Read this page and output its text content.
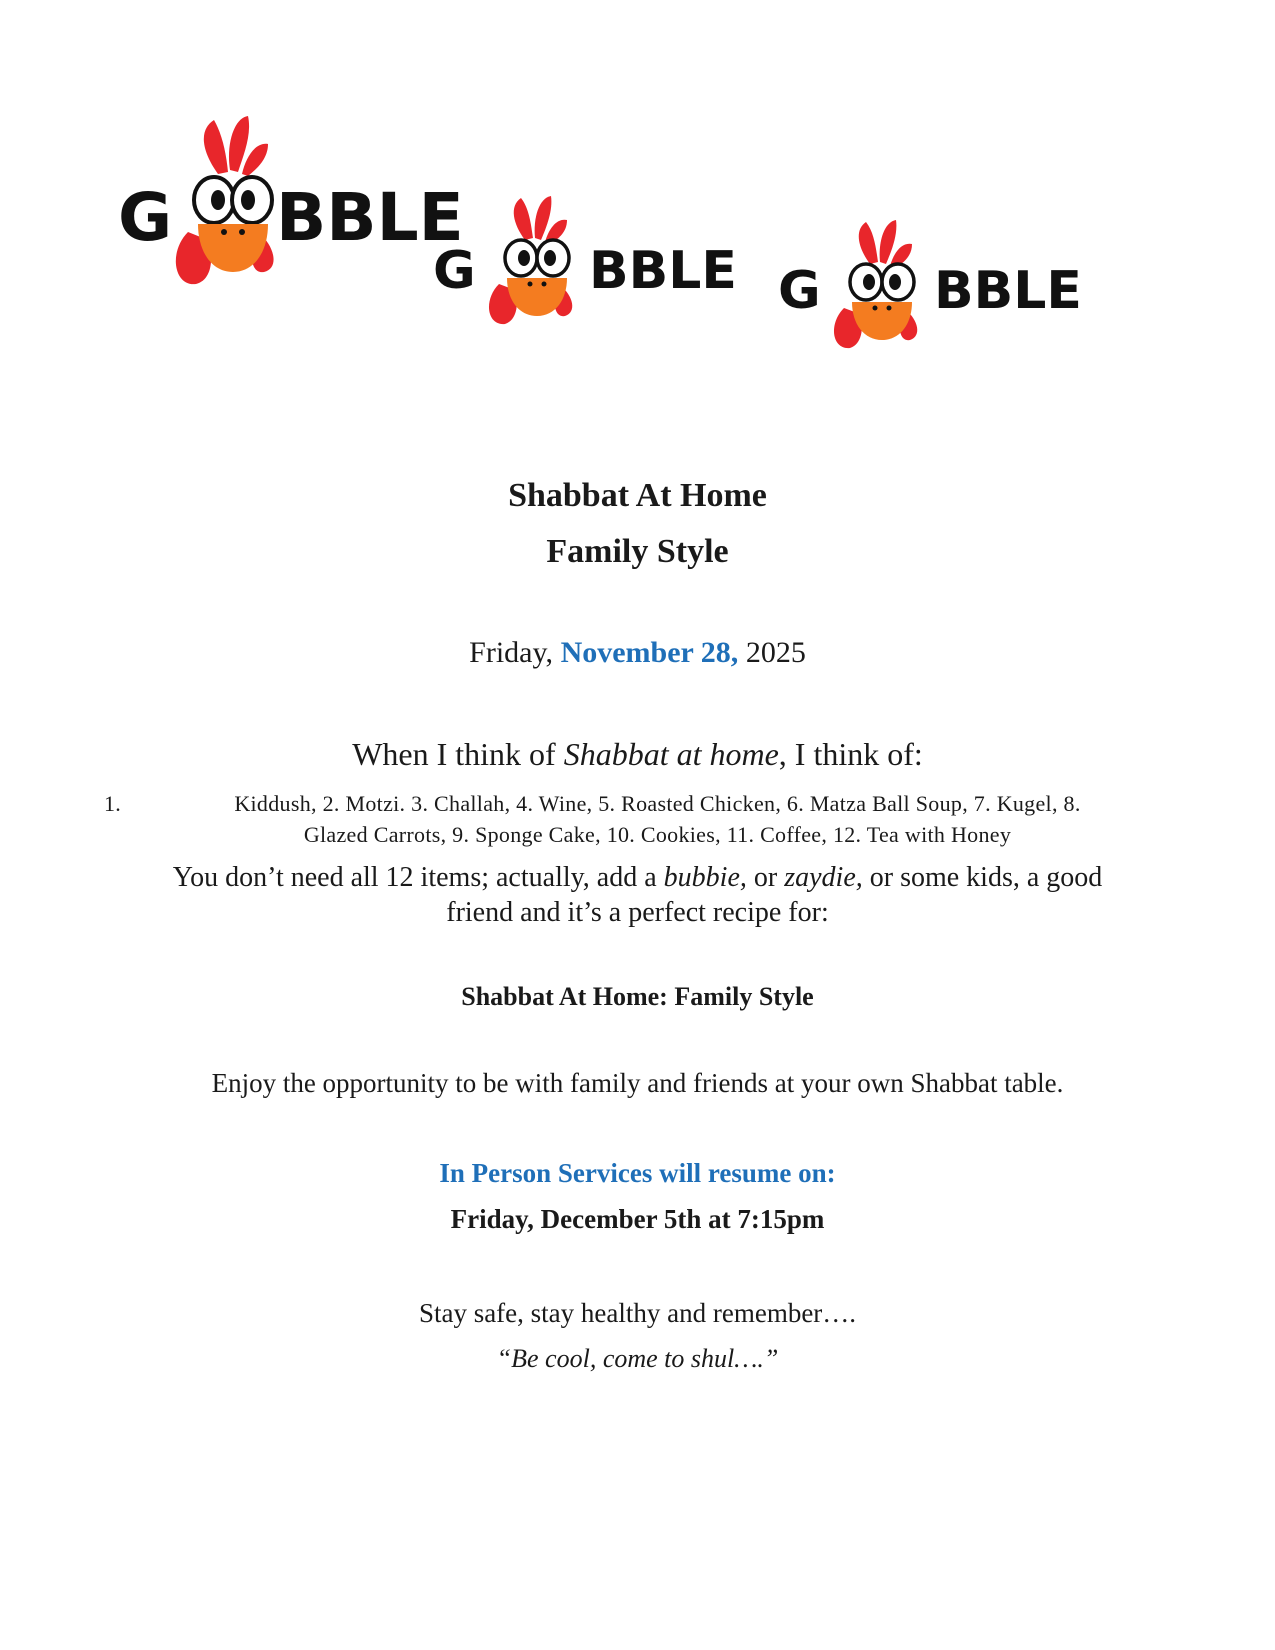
G BBLE
G BBLE G BBLE
Shabbat At Home
Family Style
Friday, November 28, 2025
When I think of Shabbat at home, I think of:
1.	Kiddush, 2. Motzi. 3. Challah, 4. Wine, 5. Roasted Chicken, 6. Matza Ball Soup, 7. Kugel, 8.
Glazed Carrots, 9. Sponge Cake, 10. Cookies, 11. Coffee, 12. Tea with Honey
You don’t need all 12 items; actually, add a bubbie, or zaydie, or some kids, a good
friend and it’s a perfect recipe for:
Shabbat At Home: Family Style
Enjoy the opportunity to be with family and friends at your own Shabbat table.
In Person Services will resume on:
Friday, December 5th at 7:15pm
Stay safe, stay healthy and remember….
“Be cool, come to shul….”
